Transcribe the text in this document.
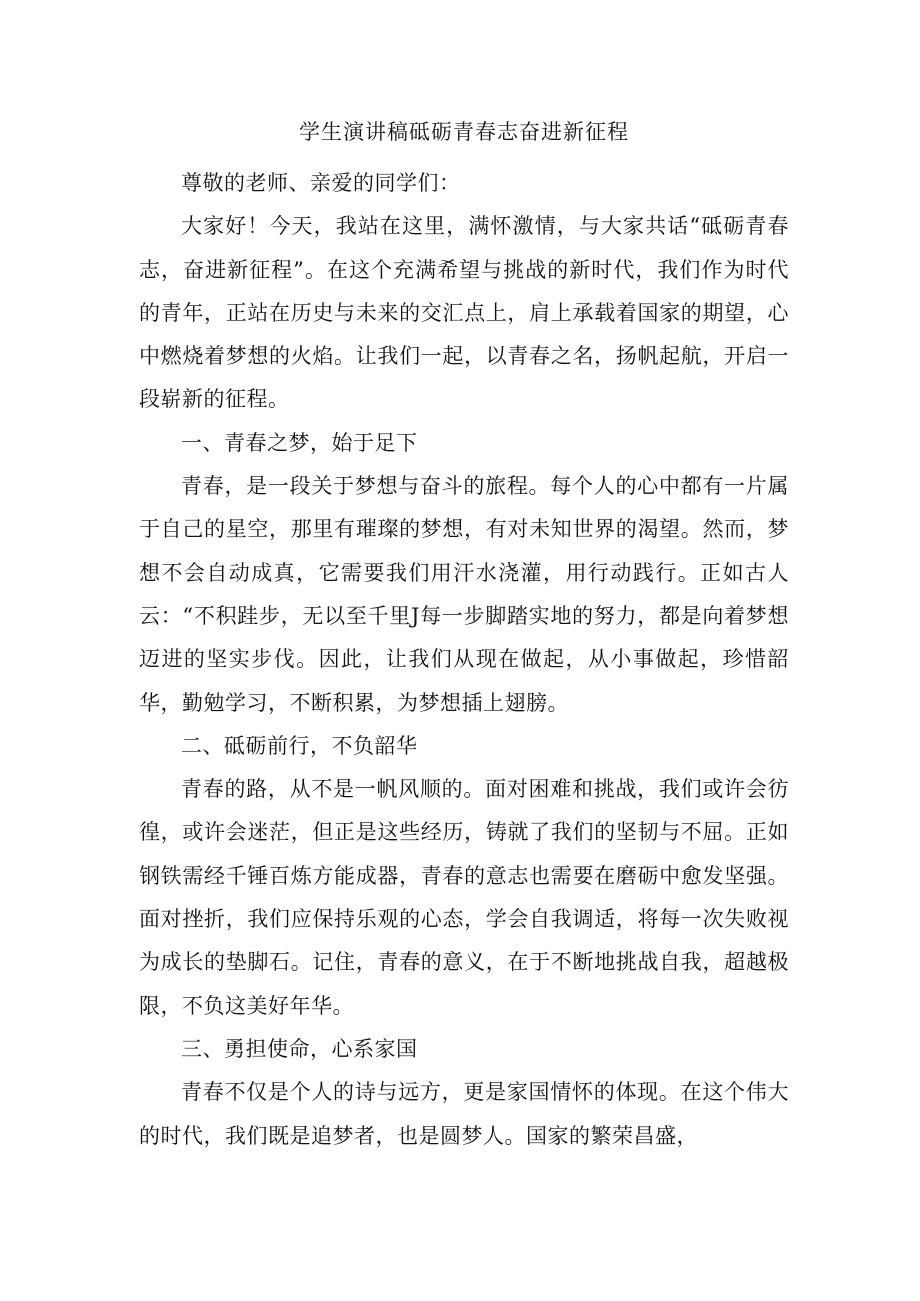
学生演讲稿砥砺青春志奋进新征程

尊敬的老师、亲爱的同学们：

大家好！今天，我站在这里，满怀激情，与大家共话“砥砺青春志，奋进新征程”。在这个充满希望与挑战的新时代，我们作为时代的青年，正站在历史与未来的交汇点上，肩上承载着国家的期望，心中燃烧着梦想的火焰。让我们一起，以青春之名，扬帆起航，开启一段崭新的征程。

一、青春之梦，始于足下

青春，是一段关于梦想与奋斗的旅程。每个人的心中都有一片属于自己的星空，那里有璀璨的梦想，有对未知世界的渴望。然而，梦想不会自动成真，它需要我们用汗水浇灌，用行动践行。正如古人云：“不积跬步，无以至千里J每一步脚踏实地的努力，都是向着梦想迈进的坚实步伐。因此，让我们从现在做起，从小事做起，珍惜韶华，勤勉学习，不断积累，为梦想插上翅膀。

二、砥砺前行，不负韶华

青春的路，从不是一帆风顺的。面对困难和挑战，我们或许会彷徨，或许会迷茫，但正是这些经历，铸就了我们的坚韧与不屈。正如钢铁需经千锤百炼方能成器，青春的意志也需要在磨砺中愈发坚强。面对挫折，我们应保持乐观的心态，学会自我调适，将每一次失败视为成长的垫脚石。记住，青春的意义，在于不断地挑战自我，超越极限，不负这美好年华。

三、勇担使命，心系家国

青春不仅是个人的诗与远方，更是家国情怀的体现。在这个伟大的时代，我们既是追梦者，也是圆梦人。国家的繁荣昌盛，
